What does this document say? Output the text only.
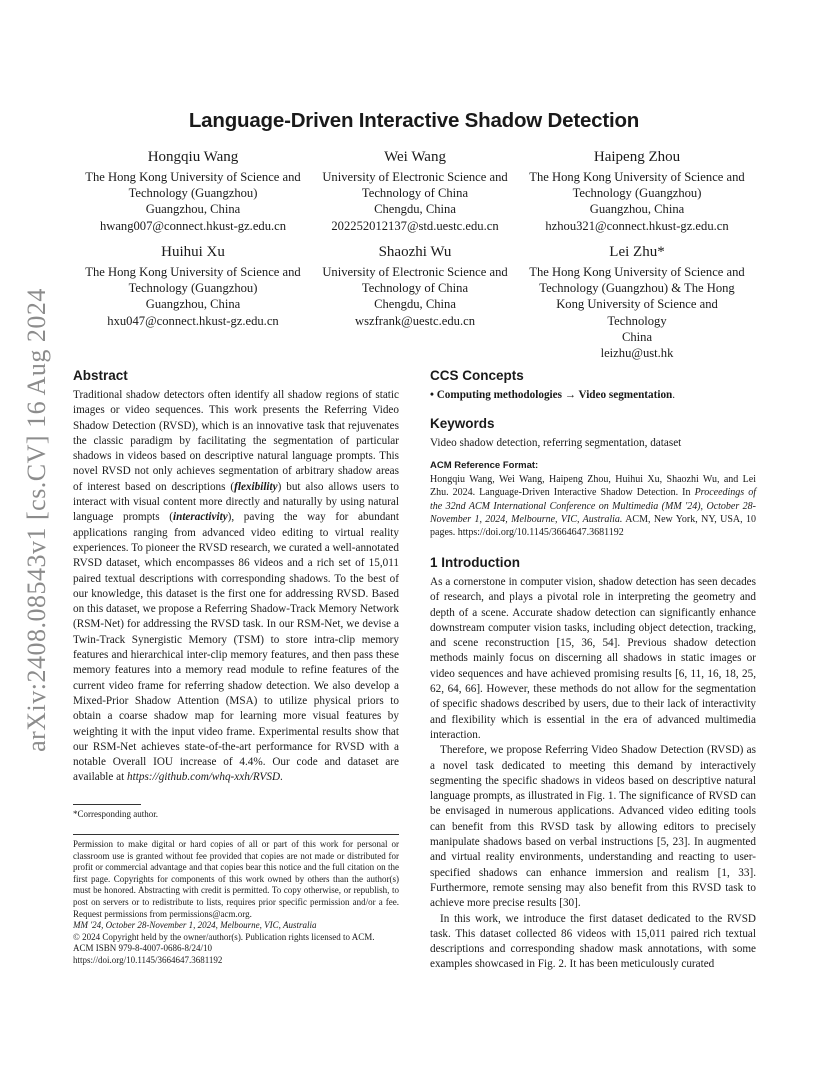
arXiv:2408.08543v1 [cs.CV] 16 Aug 2024
Language-Driven Interactive Shadow Detection
Hongqiu Wang
The Hong Kong University of Science and Technology (Guangzhou)
Guangzhou, China
hwang007@connect.hkust-gz.edu.cn
Wei Wang
University of Electronic Science and Technology of China
Chengdu, China
202252012137@std.uestc.edu.cn
Haipeng Zhou
The Hong Kong University of Science and Technology (Guangzhou)
Guangzhou, China
hzhou321@connect.hkust-gz.edu.cn
Huihui Xu
The Hong Kong University of Science and Technology (Guangzhou)
Guangzhou, China
hxu047@connect.hkust-gz.edu.cn
Shaozhi Wu
University of Electronic Science and Technology of China
Chengdu, China
wszfrank@uestc.edu.cn
Lei Zhu*
The Hong Kong University of Science and Technology (Guangzhou) & The Hong Kong University of Science and Technology
China
leizhu@ust.hk
Abstract

Traditional shadow detectors often identify all shadow regions of static images or video sequences. This work presents the Referring Video Shadow Detection (RVSD), which is an innovative task that rejuvenates the classic paradigm by facilitating the segmentation of particular shadows in videos based on descriptive natural language prompts. This novel RVSD not only achieves segmentation of arbitrary shadow areas of interest based on descriptions (flexibility) but also allows users to interact with visual content more directly and naturally by using natural language prompts (interactivity), paving the way for abundant applications ranging from advanced video editing to virtual reality experiences. To pioneer the RVSD research, we curated a well-annotated RVSD dataset, which encompasses 86 videos and a rich set of 15,011 paired textual descriptions with corresponding shadows. To the best of our knowledge, this dataset is the first one for addressing RVSD. Based on this dataset, we propose a Referring Shadow-Track Memory Network (RSM-Net) for addressing the RVSD task. In our RSM-Net, we devise a Twin-Track Synergistic Memory (TSM) to store intra-clip memory features and hierarchical inter-clip memory features, and then pass these memory features into a memory read module to refine features of the current video frame for referring shadow detection. We also develop a Mixed-Prior Shadow Attention (MSA) to utilize physical priors to obtain a coarse shadow map for learning more visual features by weighting it with the input video frame. Experimental results show that our RSM-Net achieves state-of-the-art performance for RVSD with a notable Overall IOU increase of 4.4%. Our code and dataset are available at https://github.com/whq-xxh/RVSD.

*Corresponding author.
Permission to make digital or hard copies of all or part of this work for personal or classroom use is granted without fee provided that copies are not made or distributed for profit or commercial advantage and that copies bear this notice and the full citation on the first page. Copyrights for components of this work owned by others than the author(s) must be honored. Abstracting with credit is permitted. To copy otherwise, or republish, to post on servers or to redistribute to lists, requires prior specific permission and/or a fee. Request permissions from permissions@acm.org.
MM '24, October 28-November 1, 2024, Melbourne, VIC, Australia
© 2024 Copyright held by the owner/author(s). Publication rights licensed to ACM.
ACM ISBN 979-8-4007-0686-8/24/10
https://doi.org/10.1145/3664647.3681192
CCS Concepts
• Computing methodologies → Video segmentation.
Keywords
Video shadow detection, referring segmentation, dataset
ACM Reference Format:
Hongqiu Wang, Wei Wang, Haipeng Zhou, Huihui Xu, Shaozhi Wu, and Lei Zhu. 2024. Language-Driven Interactive Shadow Detection. In Proceedings of the 32nd ACM International Conference on Multimedia (MM '24), October 28-November 1, 2024, Melbourne, VIC, Australia. ACM, New York, NY, USA, 10 pages. https://doi.org/10.1145/3664647.3681192
1 Introduction

As a cornerstone in computer vision, shadow detection has seen decades of research, and plays a pivotal role in interpreting the geometry and depth of a scene. Accurate shadow detection can significantly enhance downstream computer vision tasks, including object detection, tracking, and scene reconstruction [15, 36, 54]. Previous shadow detection methods mainly focus on discerning all shadows in static images or video sequences and have achieved promising results [6, 11, 16, 18, 25, 62, 64, 66]. However, these methods do not allow for the segmentation of specific shadows described by users, due to their lack of interactivity and flexibility which is essential in the era of advanced multimedia interaction.

Therefore, we propose Referring Video Shadow Detection (RVSD) as a novel task dedicated to meeting this demand by interactively segmenting the specific shadows in videos based on descriptive natural language prompts, as illustrated in Fig. 1. The significance of RVSD can be envisaged in numerous applications. Advanced video editing tools can benefit from this RVSD task by allowing editors to precisely manipulate shadows based on verbal instructions [5, 23]. In augmented and virtual reality environments, understanding and reacting to user-specified shadows can enhance immersion and realism [1, 33]. Furthermore, remote sensing may also benefit from this RVSD task to achieve more precise results [30].

In this work, we introduce the first dataset dedicated to the RVSD task. This dataset collected 86 videos with 15,011 paired rich textual descriptions and corresponding shadow mask annotations, with some examples showcased in Fig. 2. It has been meticulously curated
